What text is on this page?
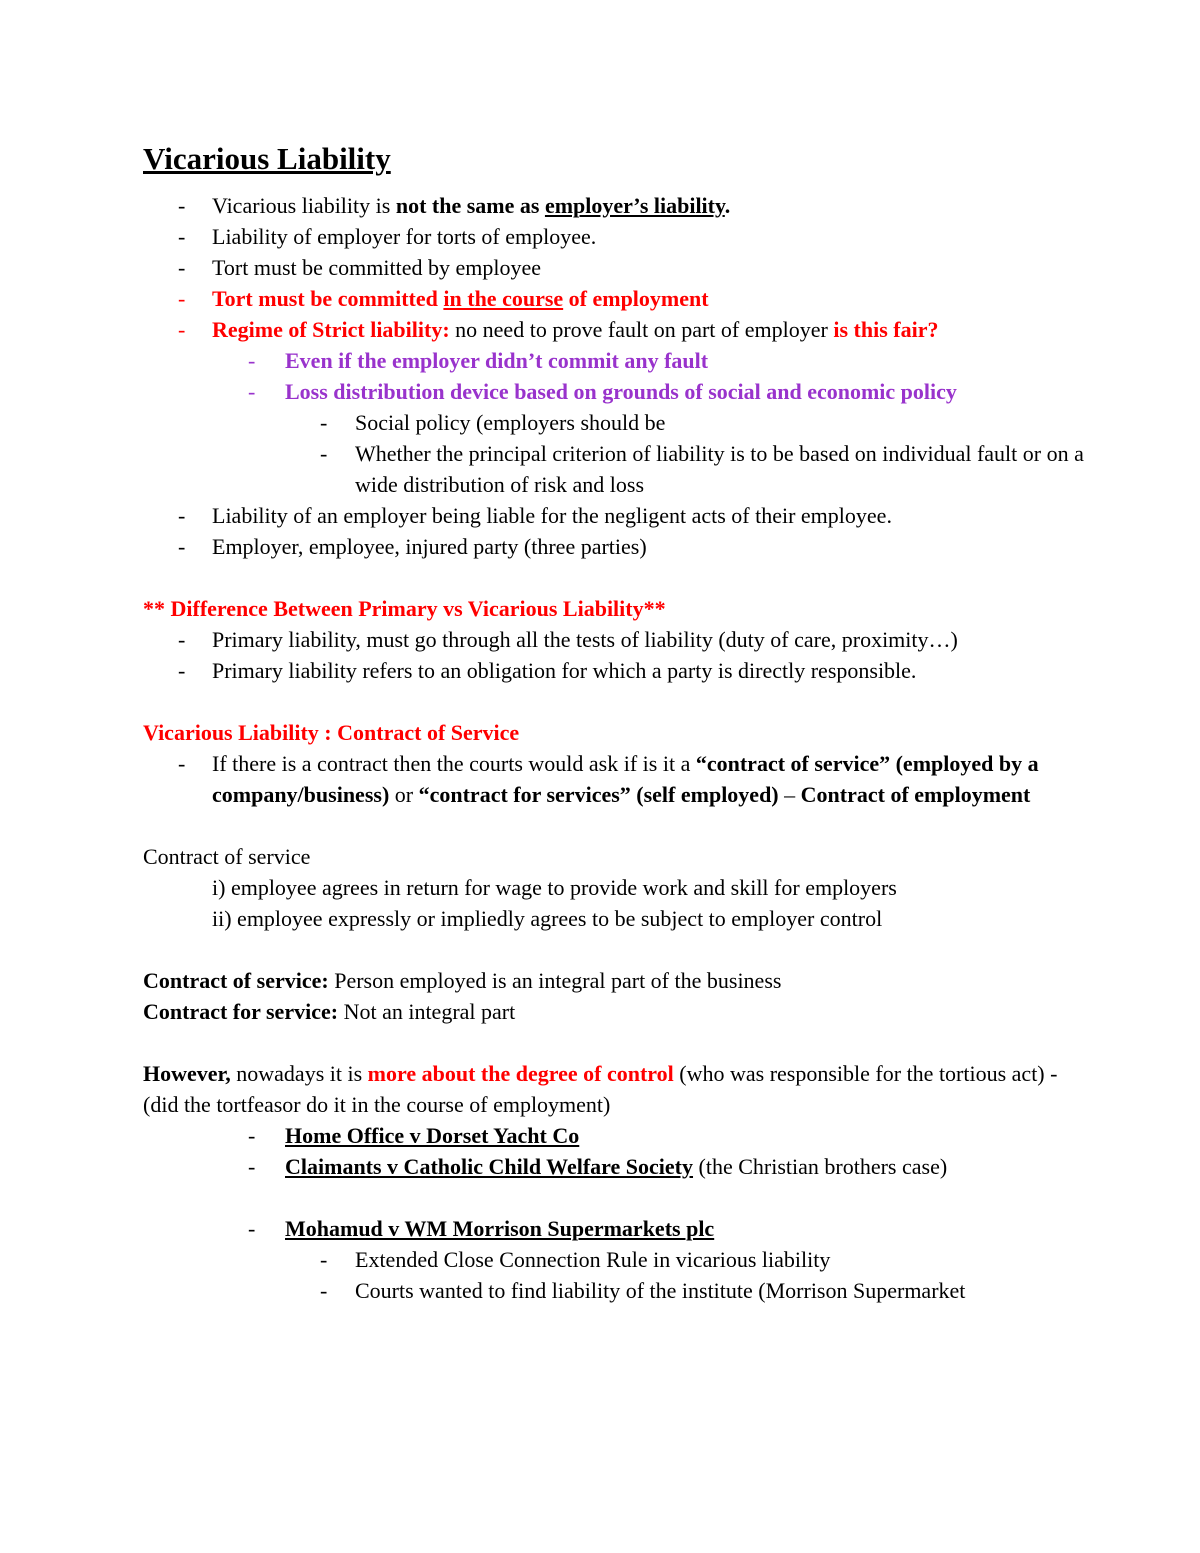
Vicarious Liability
-	Vicarious liability is not the same as employer’s liability.
-	Liability of employer for torts of employee.
-	Tort must be committed by employee
-	Tort must be committed in the course of employment
-	Regime of Strict liability: no need to prove fault on part of employer is this fair?
-	Even if the employer didn’t commit any fault
-	Loss distribution device based on grounds of social and economic policy
-	Social policy (employers should be
-	Whether the principal criterion of liability is to be based on individual fault or on a wide distribution of risk and loss
-	Liability of an employer being liable for the negligent acts of their employee.
-	Employer, employee, injured party (three parties)
** Difference Between Primary vs Vicarious Liability**
-	Primary liability, must go through all the tests of liability (duty of care, proximity…)
-	Primary liability refers to an obligation for which a party is directly responsible.
Vicarious Liability : Contract of Service
-	If there is a contract then the courts would ask if is it a “contract of service” (employed by a company/business) or “contract for services” (self employed) – Contract of employment
Contract of service
i) employee agrees in return for wage to provide work and skill for employers
ii) employee expressly or impliedly agrees to be subject to employer control
Contract of service: Person employed is an integral part of the business
Contract for service: Not an integral part
However, nowadays it is more about the degree of control (who was responsible for the tortious act) - (did the tortfeasor do it in the course of employment)
-	Home Office v Dorset Yacht Co
-	Claimants v Catholic Child Welfare Society (the Christian brothers case)
-	Mohamud v WM Morrison Supermarkets plc
-	Extended Close Connection Rule in vicarious liability
-	Courts wanted to find liability of the institute (Morrison Supermarket
